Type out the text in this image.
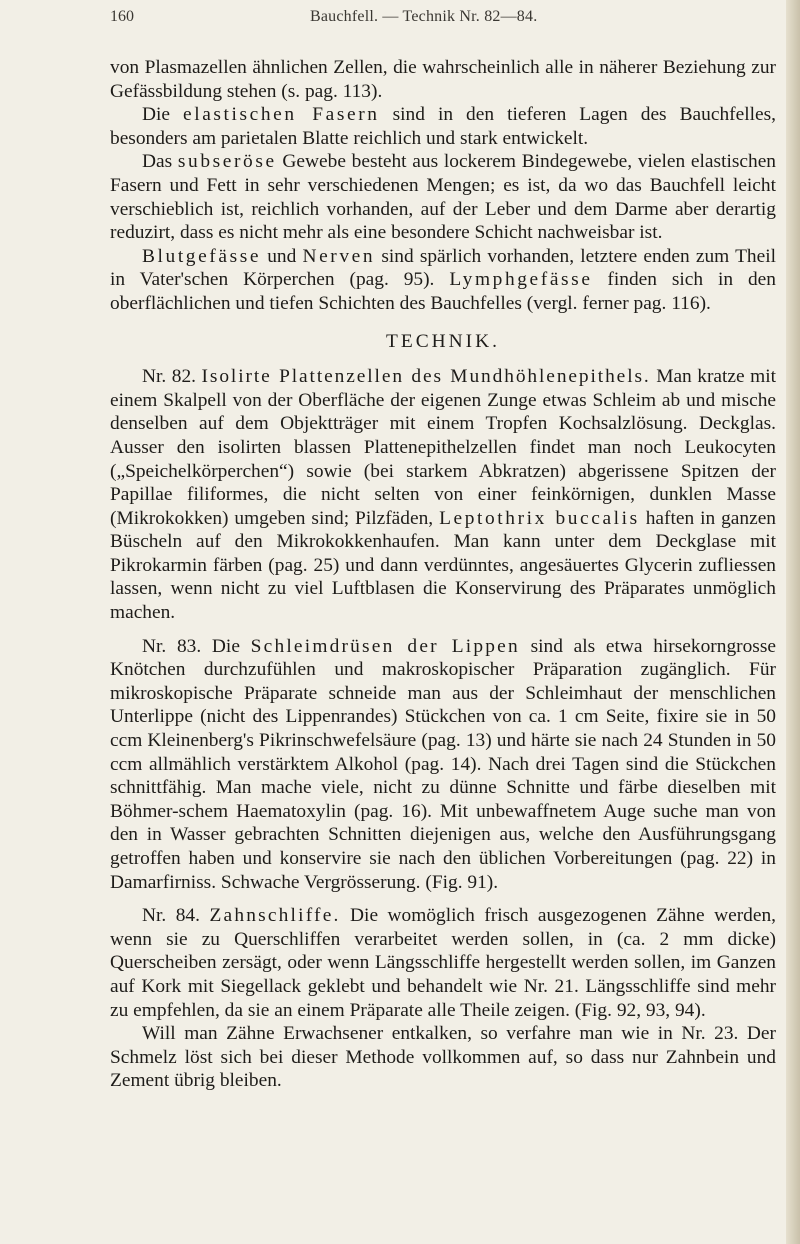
160	Bauchfell. — Technik Nr. 82—84.

von Plasmazellen ähnlichen Zellen, die wahrscheinlich alle in näherer Beziehung zur Gefässbildung stehen (s. pag. 113).

Die elastischen Fasern sind in den tieferen Lagen des Bauchfelles, besonders am parietalen Blatte reichlich und stark entwickelt.

Das subseröse Gewebe besteht aus lockerem Bindegewebe, vielen elastischen Fasern und Fett in sehr verschiedenen Mengen; es ist, da wo das Bauchfell leicht verschieblich ist, reichlich vorhanden, auf der Leber und dem Darme aber derartig reduzirt, dass es nicht mehr als eine besondere Schicht nachweisbar ist.

Blutgefässe und Nerven sind spärlich vorhanden, letztere enden zum Theil in Vater'schen Körperchen (pag. 95). Lymphgefässe finden sich in den oberflächlichen und tiefen Schichten des Bauchfelles (vergl. ferner pag. 116).

TECHNIK.

Nr. 82. Isolirte Plattenzellen des Mundhöhlenepithels. Man kratze mit einem Skalpell von der Oberfläche der eigenen Zunge etwas Schleim ab und mische denselben auf dem Objektträger mit einem Tropfen Kochsalzlösung. Deckglas. Ausser den isolirten blassen Plattenepithelzellen findet man noch Leukocyten („Speichelkörperchen“) sowie (bei starkem Abkratzen) abgerissene Spitzen der Papillae filiformes, die nicht selten von einer feinkörnigen, dunklen Masse (Mikrokokken) umgeben sind; Pilzfäden, Leptothrix buccalis haften in ganzen Büscheln auf den Mikrokokkenhaufen. Man kann unter dem Deckglase mit Pikrokarmin färben (pag. 25) und dann verdünntes, angesäuertes Glycerin zufliessen lassen, wenn nicht zu viel Luftblasen die Konservirung des Präparates unmöglich machen.

Nr. 83. Die Schleimdrüsen der Lippen sind als etwa hirsekorngrosse Knötchen durchzufühlen und makroskopischer Präparation zugänglich. Für mikroskopische Präparate schneide man aus der Schleimhaut der menschlichen Unterlippe (nicht des Lippenrandes) Stückchen von ca. 1 cm Seite, fixire sie in 50 ccm Kleinenberg's Pikrinschwefelsäure (pag. 13) und härte sie nach 24 Stunden in 50 ccm allmählich verstärktem Alkohol (pag. 14). Nach drei Tagen sind die Stückchen schnittfähig. Man mache viele, nicht zu dünne Schnitte und färbe dieselben mit Böhmer-schem Haematoxylin (pag. 16). Mit unbewaffnetem Auge suche man von den in Wasser gebrachten Schnitten diejenigen aus, welche den Ausführungsgang getroffen haben und konservire sie nach den üblichen Vorbereitungen (pag. 22) in Damarfirniss. Schwache Vergrösserung. (Fig. 91).

Nr. 84. Zahnschliffe. Die womöglich frisch ausgezogenen Zähne werden, wenn sie zu Querschliffen verarbeitet werden sollen, in (ca. 2 mm dicke) Querscheiben zersägt, oder wenn Längsschliffe hergestellt werden sollen, im Ganzen auf Kork mit Siegellack geklebt und behandelt wie Nr. 21. Längsschliffe sind mehr zu empfehlen, da sie an einem Präparate alle Theile zeigen. (Fig. 92, 93, 94).

Will man Zähne Erwachsener entkalken, so verfahre man wie in Nr. 23. Der Schmelz löst sich bei dieser Methode vollkommen auf, so dass nur Zahnbein und Zement übrig bleiben.
